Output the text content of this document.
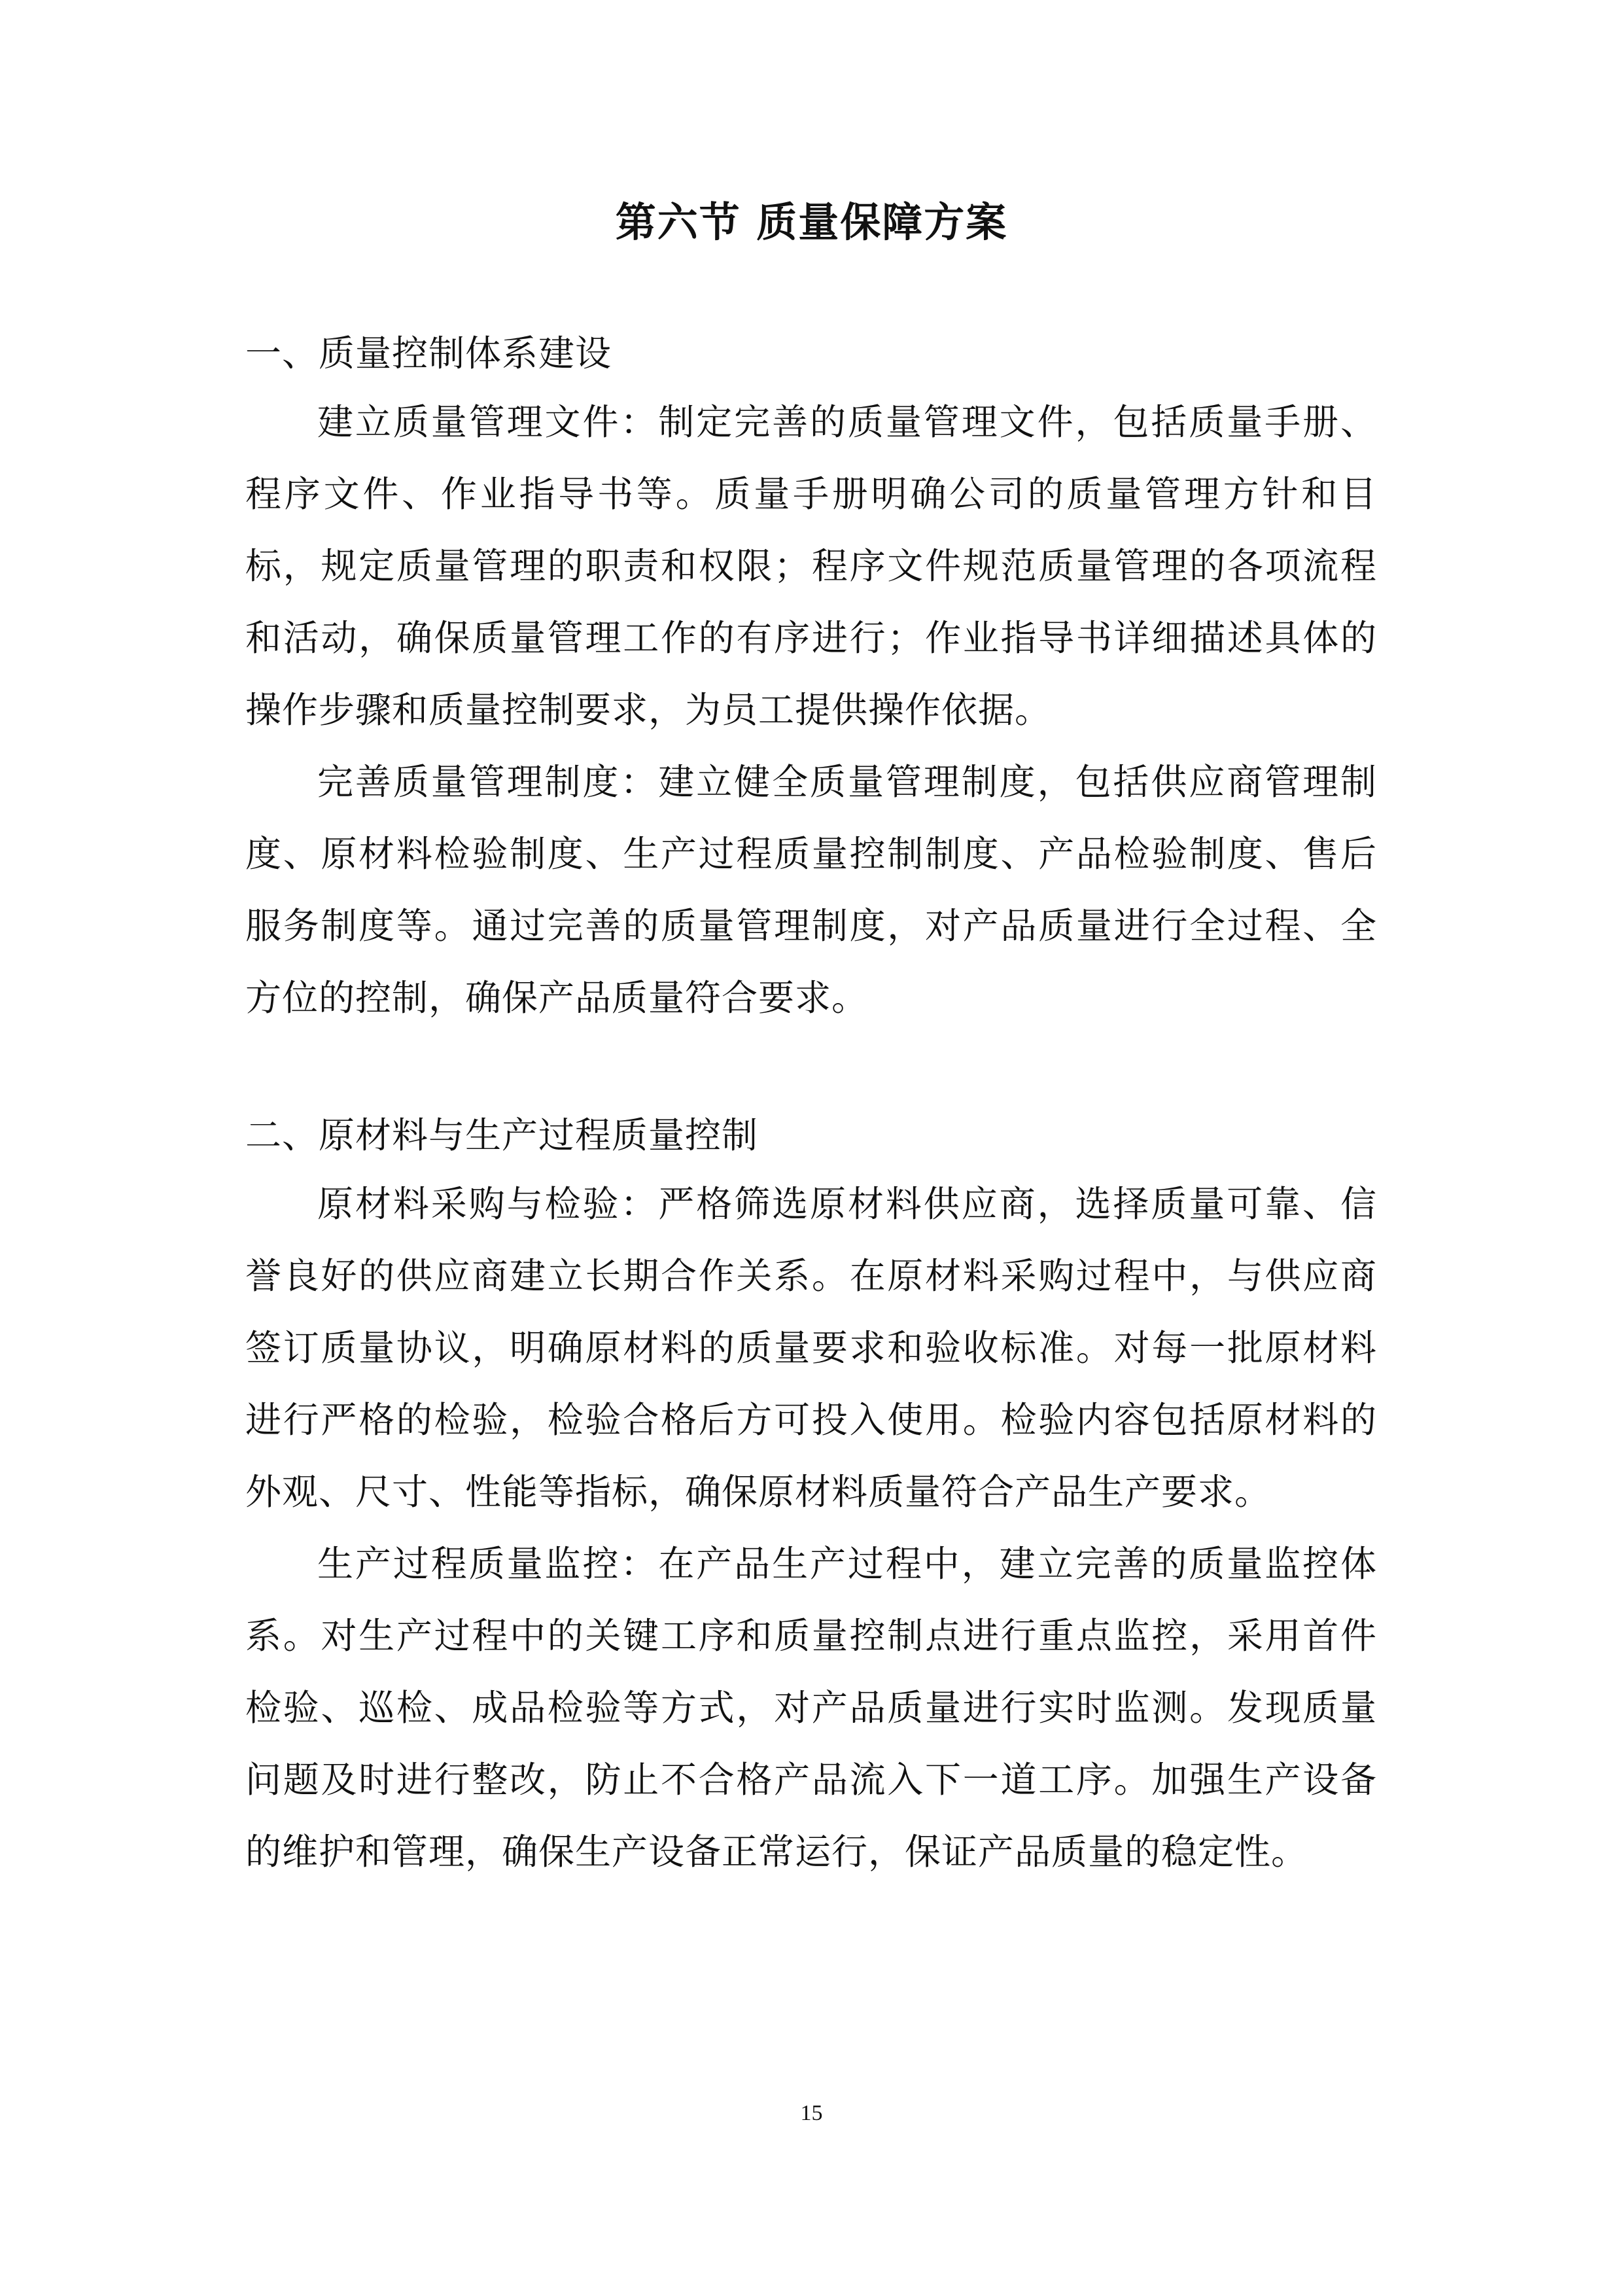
第六节 质量保障方案
一、质量控制体系建设

建立质量管理文件：制定完善的质量管理文件，包括质量手册、程序文件、作业指导书等。质量手册明确公司的质量管理方针和目标，规定质量管理的职责和权限；程序文件规范质量管理的各项流程和活动，确保质量管理工作的有序进行；作业指导书详细描述具体的操作步骤和质量控制要求，为员工提供操作依据。

完善质量管理制度：建立健全质量管理制度，包括供应商管理制度、原材料检验制度、生产过程质量控制制度、产品检验制度、售后服务制度等。通过完善的质量管理制度，对产品质量进行全过程、全方位的控制，确保产品质量符合要求。

二、原材料与生产过程质量控制

原材料采购与检验：严格筛选原材料供应商，选择质量可靠、信誉良好的供应商建立长期合作关系。在原材料采购过程中，与供应商签订质量协议，明确原材料的质量要求和验收标准。对每一批原材料进行严格的检验，检验合格后方可投入使用。检验内容包括原材料的外观、尺寸、性能等指标，确保原材料质量符合产品生产要求。

生产过程质量监控：在产品生产过程中，建立完善的质量监控体系。对生产过程中的关键工序和质量控制点进行重点监控，采用首件检验、巡检、成品检验等方式，对产品质量进行实时监测。发现质量问题及时进行整改，防止不合格产品流入下一道工序。加强生产设备的维护和管理，确保生产设备正常运行，保证产品质量的稳定性。

15
